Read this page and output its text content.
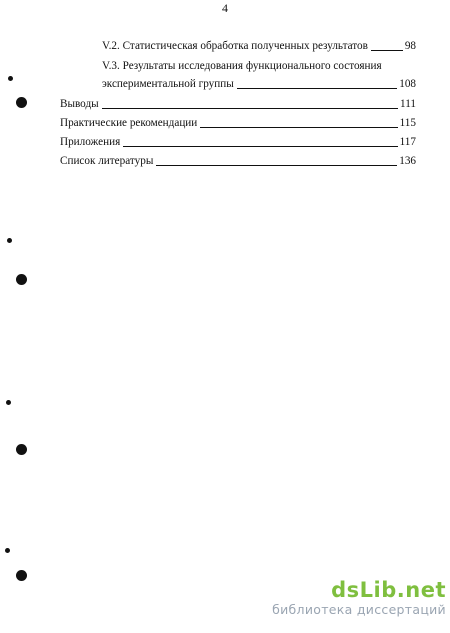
4
V.2. Статистическая обработка полученных результатов	98
V.3. Результаты исследования функционального состояния
экспериментальной группы	108
Выводы	111
Практические рекомендации	115
Приложения	117
Список литературы	136
dsLib.net
библиотека диссертаций
